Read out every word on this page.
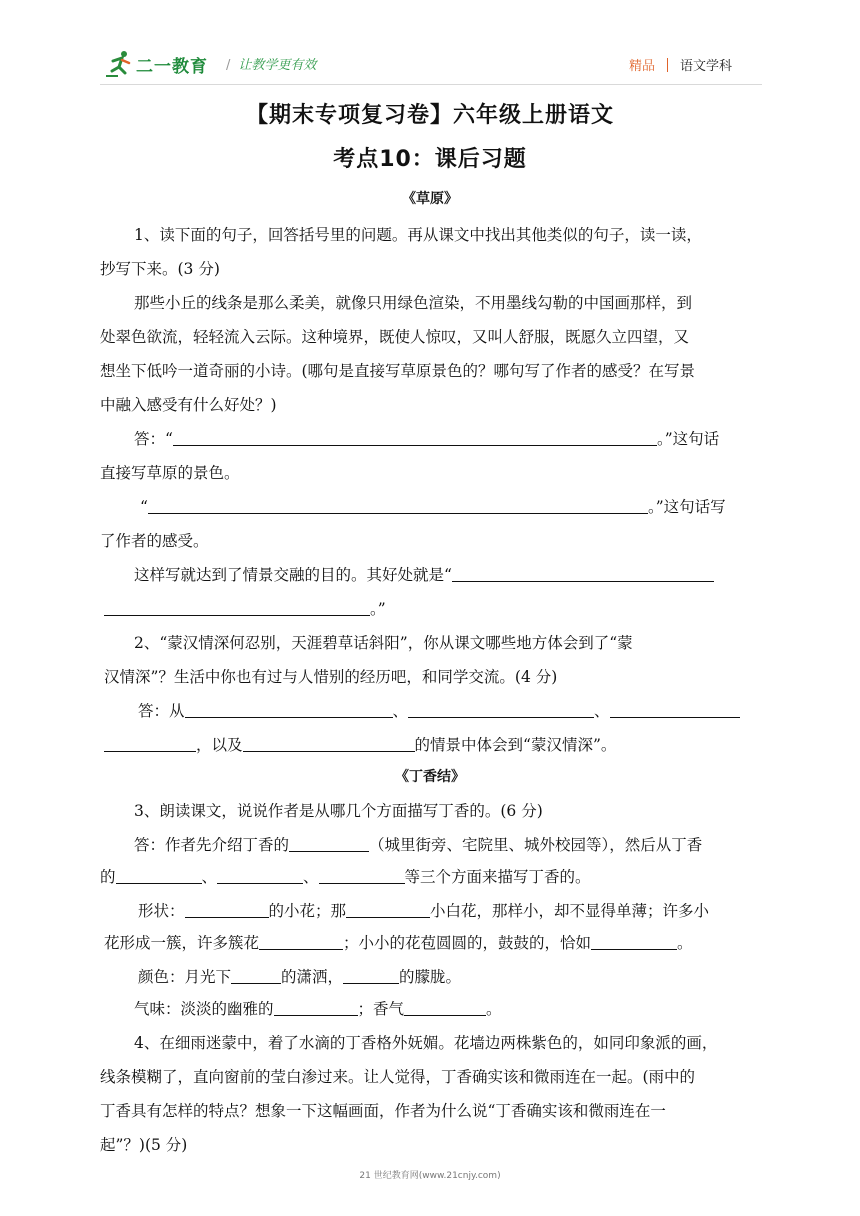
二一教育 / 让教学更有效	精品 语文学科
【期末专项复习卷】六年级上册语文
考点10：课后习题
《草原》
1、读下面的句子，回答括号里的问题。再从课文中找出其他类似的句子，读一读，
抄写下来。(3 分)
那些小丘的线条是那么柔美，就像只用绿色渲染，不用墨线勾勒的中国画那样，到
处翠色欲流，轻轻流入云际。这种境界，既使人惊叹，又叫人舒服，既愿久立四望，又
想坐下低吟一道奇丽的小诗。(哪句是直接写草原景色的？哪句写了作者的感受？在写景
中融入感受有什么好处？)
答：“	。”这句话
直接写草原的景色。
“	。”这句话写
了作者的感受。
这样写就达到了情景交融的目的。其好处就是“
。”
2、“蒙汉情深何忍别，天涯碧草话斜阳”，你从课文哪些地方体会到了“蒙
汉情深”？生活中你也有过与人惜别的经历吧，和同学交流。(4 分)
答：从	、	、
，以及	的情景中体会到“蒙汉情深”。
《丁香结》
3、朗读课文，说说作者是从哪几个方面描写丁香的。(6 分)
答：作者先介绍丁香的	（城里街旁、宅院里、城外校园等），然后从丁香
的	、	、	等三个方面来描写丁香的。
形状：	的小花；那	小白花，那样小，却不显得单薄；许多小
花形成一簇，许多簇花	；小小的花苞圆圆的，鼓鼓的，恰如	。
颜色：月光下	的潇洒，	的朦胧。
气味：淡淡的幽雅的	；香气	。
4、在细雨迷蒙中，着了水滴的丁香格外妩媚。花墙边两株紫色的，如同印象派的画，
线条模糊了，直向窗前的莹白渗过来。让人觉得，丁香确实该和微雨连在一起。(雨中的
丁香具有怎样的特点？想象一下这幅画面，作者为什么说“丁香确实该和微雨连在一
起”？)(5 分)
21 世纪教育网(www.21cnjy.com)
